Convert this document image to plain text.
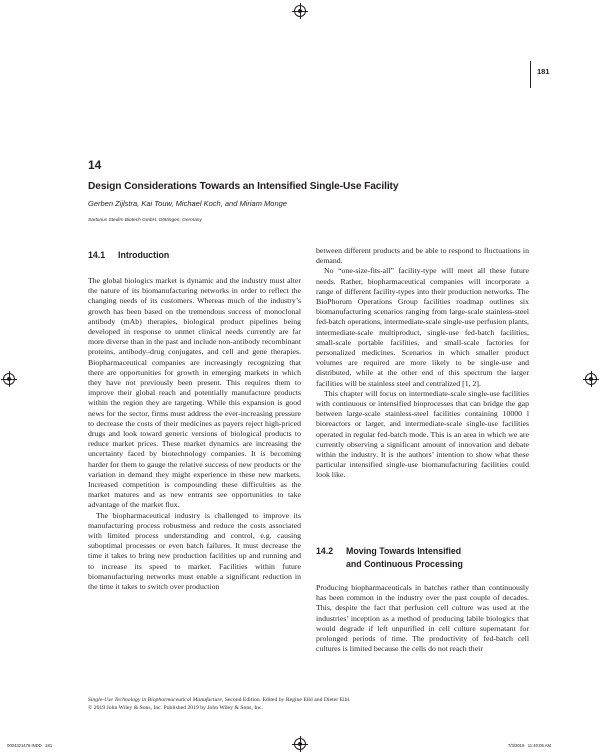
181
14
Design Considerations Towards an Intensified Single-Use Facility
Gerben Zijlstra, Kai Touw, Michael Koch, and Miriam Monge
Sartorius Stedim Biotech GmbH, Göttingen, Germany
14.1 Introduction

The global biologics market is dynamic and the industry must alter the nature of its biomanufacturing networks in order to reflect the changing needs of its customers. Whereas much of the industry’s growth has been based on the tremendous success of monoclonal antibody (mAb) therapies, biological product pipelines being developed in response to unmet clinical needs currently are far more diverse than in the past and include non-antibody recombinant proteins, antibody–drug conjugates, and cell and gene therapies. Biopharmaceutical companies are increasingly recognizing that there are opportunities for growth in emerging markets in which they have not previously been present. This requires them to improve their global reach and potentially manufacture products within the region they are targeting. While this expansion is good news for the sector, firms must address the ever-increasing pressure to decrease the costs of their medicines as payers reject high-priced drugs and look toward generic versions of biological products to reduce market prices. These market dynamics are increasing the uncertainty faced by biotechnology companies. It is becoming harder for them to gauge the relative success of new products or the variation in demand they might experience in these new markets. Increased competition is compounding these difficulties as the market matures and as new entrants see opportunities to take advantage of the market flux.

The biopharmaceutical industry is challenged to improve its manufacturing process robustness and reduce the costs associated with limited process understanding and control, e.g. causing suboptimal processes or even batch failures. It must decrease the time it takes to bring new production facilities up and running and to increase its speed to market. Facilities within future biomanufacturing networks must enable a significant reduction in the time it takes to switch over production

between different products and be able to respond to fluctuations in demand.

No “one-size-fits-all” facility-type will meet all these future needs. Rather, biopharmaceutical companies will incorporate a range of different facility-types into their production networks. The BioPhorum Operations Group facilities roadmap outlines six biomanufacturing scenarios ranging from large-scale stainless-steel fed-batch operations, intermediate-scale single-use perfusion plants, intermediate-scale multiproduct, single-use fed-batch facilities, small-scale portable facilities, and small-scale factories for personalized medicines. Scenarios in which smaller product volumes are required are more likely to be single-use and distributed, while at the other end of this spectrum the larger facilities will be stainless steel and centralized [1, 2].

This chapter will focus on intermediate-scale single-use facilities with continuous or intensified bioprocesses that can bridge the gap between large-scale stainless-steel facilities containing 10000 l bioreactors or larger, and intermediate-scale single-use facilities operated in regular fed-batch mode. This is an area in which we are currently observing a significant amount of innovation and debate within the industry. It is the authors’ intention to show what these particular intensified single-use biomanufacturing facilities could look like.

14.2 Moving Towards Intensified
and Continuous Processing

Producing biopharmaceuticals in batches rather than continuously has been common in the industry over the past couple of decades. This, despite the fact that perfusion cell culture was used at the industries’ inception as a method of producing labile biologics that would degrade if left unpurified in cell culture supernatant for prolonged periods of time. The productivity of fed-batch cell cultures is limited because the cells do not reach their

Single-Use Technology in Biopharmaceutical Manufacture, Second Edition. Edited by Regine Eibl and Dieter Eibl.
© 2019 John Wiley & Sons, Inc. Published 2019 by John Wiley & Sons, Inc.
0004321476.INDD   181	7/3/2019   11:40:05 AM
